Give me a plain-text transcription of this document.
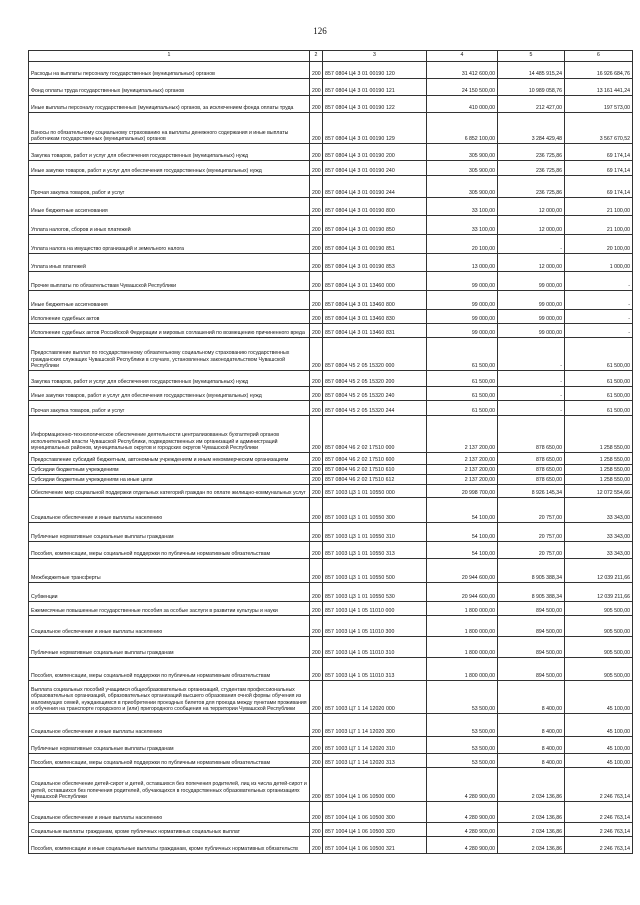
126
1	2	3	4	5	6
Расходы на выплаты персоналу государственных (муниципальных) органов	200	857 0804 Ц4 3 01 00190 120	31 412 600,00	14 485 915,24	16 926 684,76
Фонд оплаты труда государственных (муниципальных) органов	200	857 0804 Ц4 3 01 00190 121	24 150 500,00	10 989 058,76	13 161 441,24
Иные выплаты персоналу государственных (муниципальных) органов, за исключением фонда оплаты труда	200	857 0804 Ц4 3 01 00190 122	410 000,00	212 427,00	197 573,00
Взносы по обязательному социальному страхованию на выплаты денежного содержания и иные выплаты работникам государственных (муниципальных) органов	200	857 0804 Ц4 3 01 00190 129	6 852 100,00	3 284 429,48	3 567 670,52
Закупка товаров, работ и услуг для обеспечения государственных (муниципальных) нужд	200	857 0804 Ц4 3 01 00190 200	305 900,00	236 725,86	69 174,14
Иные закупки товаров, работ и услуг для обеспечения государственных (муниципальных) нужд	200	857 0804 Ц4 3 01 00190 240	305 900,00	236 725,86	69 174,14
Прочая закупка товаров, работ и услуг	200	857 0804 Ц4 3 01 00190 244	305 900,00	236 725,86	69 174,14
Иные бюджетные ассигнования	200	857 0804 Ц4 3 01 00190 800	33 100,00	12 000,00	21 100,00
Уплата налогов, сборов и иных платежей	200	857 0804 Ц4 3 01 00190 850	33 100,00	12 000,00	21 100,00
Уплата налога на имущество организаций и земельного налога	200	857 0804 Ц4 3 01 00190 851	20 100,00	-	20 100,00
Уплата иных платежей	200	857 0804 Ц4 3 01 00190 853	13 000,00	12 000,00	1 000,00
Прочие выплаты по обязательствам Чувашской Республики	200	857 0804 Ц4 3 01 13460 000	99 000,00	99 000,00	-
Иные бюджетные ассигнования	200	857 0804 Ц4 3 01 13460 800	99 000,00	99 000,00	-
Исполнение судебных актов	200	857 0804 Ц4 3 01 13460 830	99 000,00	99 000,00	-
Исполнение судебных актов Российской Федерации и мировых соглашений по возмещению причиненного вреда	200	857 0804 Ц4 3 01 13460 831	99 000,00	99 000,00	-
Предоставление выплат по государственному обязательному социальному страхованию государственных гражданских служащих Чувашской Республики в случаях, установленных законодательством Чувашской Республики	200	857 0804 Ч5 2 05 15320 000	61 500,00	-	61 500,00
Закупка товаров, работ и услуг для обеспечения государственных (муниципальных) нужд	200	857 0804 Ч5 2 05 15320 200	61 500,00	-	61 500,00
Иные закупки товаров, работ и услуг для обеспечения государственных (муниципальных) нужд	200	857 0804 Ч5 2 05 15320 240	61 500,00	-	61 500,00
Прочая закупка товаров, работ и услуг	200	857 0804 Ч5 2 05 15320 244	61 500,00	-	61 500,00
Информационно-технологическое обеспечение деятельности централизованных бухгалтерий органов исполнительной власти Чувашской Республики, подведомственных им организаций и администраций муниципальных районов, муниципальных округов и городских округов Чувашской Республики	200	857 0804 Ч6 2 02 17510 000	2 137 200,00	878 650,00	1 258 550,00
Предоставление субсидий бюджетным, автономным учреждениям и иным некоммерческим организациям	200	857 0804 Ч6 2 02 17510 600	2 137 200,00	878 650,00	1 258 550,00
Субсидии бюджетным учреждениям	200	857 0804 Ч6 2 02 17510 610	2 137 200,00	878 650,00	1 258 550,00
Субсидии бюджетным учреждениям на иные цели	200	857 0804 Ч6 2 02 17510 612	2 137 200,00	878 650,00	1 258 550,00
Обеспечение мер социальной поддержки отдельных категорий граждан по оплате жилищно-коммунальных услуг	200	857 1003 Ц3 1 01 10550 000	20 998 700,00	8 926 145,34	12 072 554,66
Социальное обеспечение и иные выплаты населению	200	857 1003 Ц3 1 01 10550 300	54 100,00	20 757,00	33 343,00
Публичные нормативные социальные выплаты гражданам	200	857 1003 Ц3 1 01 10550 310	54 100,00	20 757,00	33 343,00
Пособия, компенсации, меры социальной поддержки по публичным нормативным обязательствам	200	857 1003 Ц3 1 01 10550 313	54 100,00	20 757,00	33 343,00
Межбюджетные трансферты	200	857 1003 Ц3 1 01 10550 500	20 944 600,00	8 905 388,34	12 039 211,66
Субвенции	200	857 1003 Ц3 1 01 10550 530	20 944 600,00	8 905 388,34	12 039 211,66
Ежемесячные повышенные государственные пособия за особые заслуги в развитии культуры и науки	200	857 1003 Ц4 1 05 11010 000	1 800 000,00	894 500,00	905 500,00
Социальное обеспечение и иные выплаты населению	200	857 1003 Ц4 1 05 11010 300	1 800 000,00	894 500,00	905 500,00
Публичные нормативные социальные выплаты гражданам	200	857 1003 Ц4 1 05 11010 310	1 800 000,00	894 500,00	905 500,00
Пособия, компенсации, меры социальной поддержки по публичным нормативным обязательствам	200	857 1003 Ц4 1 05 11010 313	1 800 000,00	894 500,00	905 500,00
Выплата социальных пособий учащимся общеобразовательных организаций, студентам профессиональных образовательных организаций, образовательных организаций высшего образования очной формы обучения из малоимущих семей, нуждающимся в приобретении проездных билетов для проезда между пунктами проживания и обучения на транспорте городского и (или) пригородного сообщения на территории Чувашской Республики	200	857 1003 Ц7 1 14 12020 000	53 500,00	8 400,00	45 100,00
Социальное обеспечение и иные выплаты населению	200	857 1003 Ц7 1 14 12020 300	53 500,00	8 400,00	45 100,00
Публичные нормативные социальные выплаты гражданам	200	857 1003 Ц7 1 14 12020 310	53 500,00	8 400,00	45 100,00
Пособия, компенсации, меры социальной поддержки по публичным нормативным обязательствам	200	857 1003 Ц7 1 14 12020 313	53 500,00	8 400,00	45 100,00
Социальное обеспечение детей-сирот и детей, оставшихся без попечения родителей, лиц из числа детей-сирот и детей, оставшихся без попечения родителей, обучающихся в государственных образовательных организациях Чувашской Республики	200	857 1004 Ц4 1 06 10500 000	4 280 900,00	2 034 136,86	2 246 763,14
Социальное обеспечение и иные выплаты населению	200	857 1004 Ц4 1 06 10500 300	4 280 900,00	2 034 136,86	2 246 763,14
Социальные выплаты гражданам, кроме публичных нормативных социальных выплат	200	857 1004 Ц4 1 06 10500 320	4 280 900,00	2 034 136,86	2 246 763,14
Пособия, компенсации и иные социальные выплаты гражданам, кроме публичных нормативных обязательств	200	857 1004 Ц4 1 06 10500 321	4 280 900,00	2 034 136,86	2 246 763,14
